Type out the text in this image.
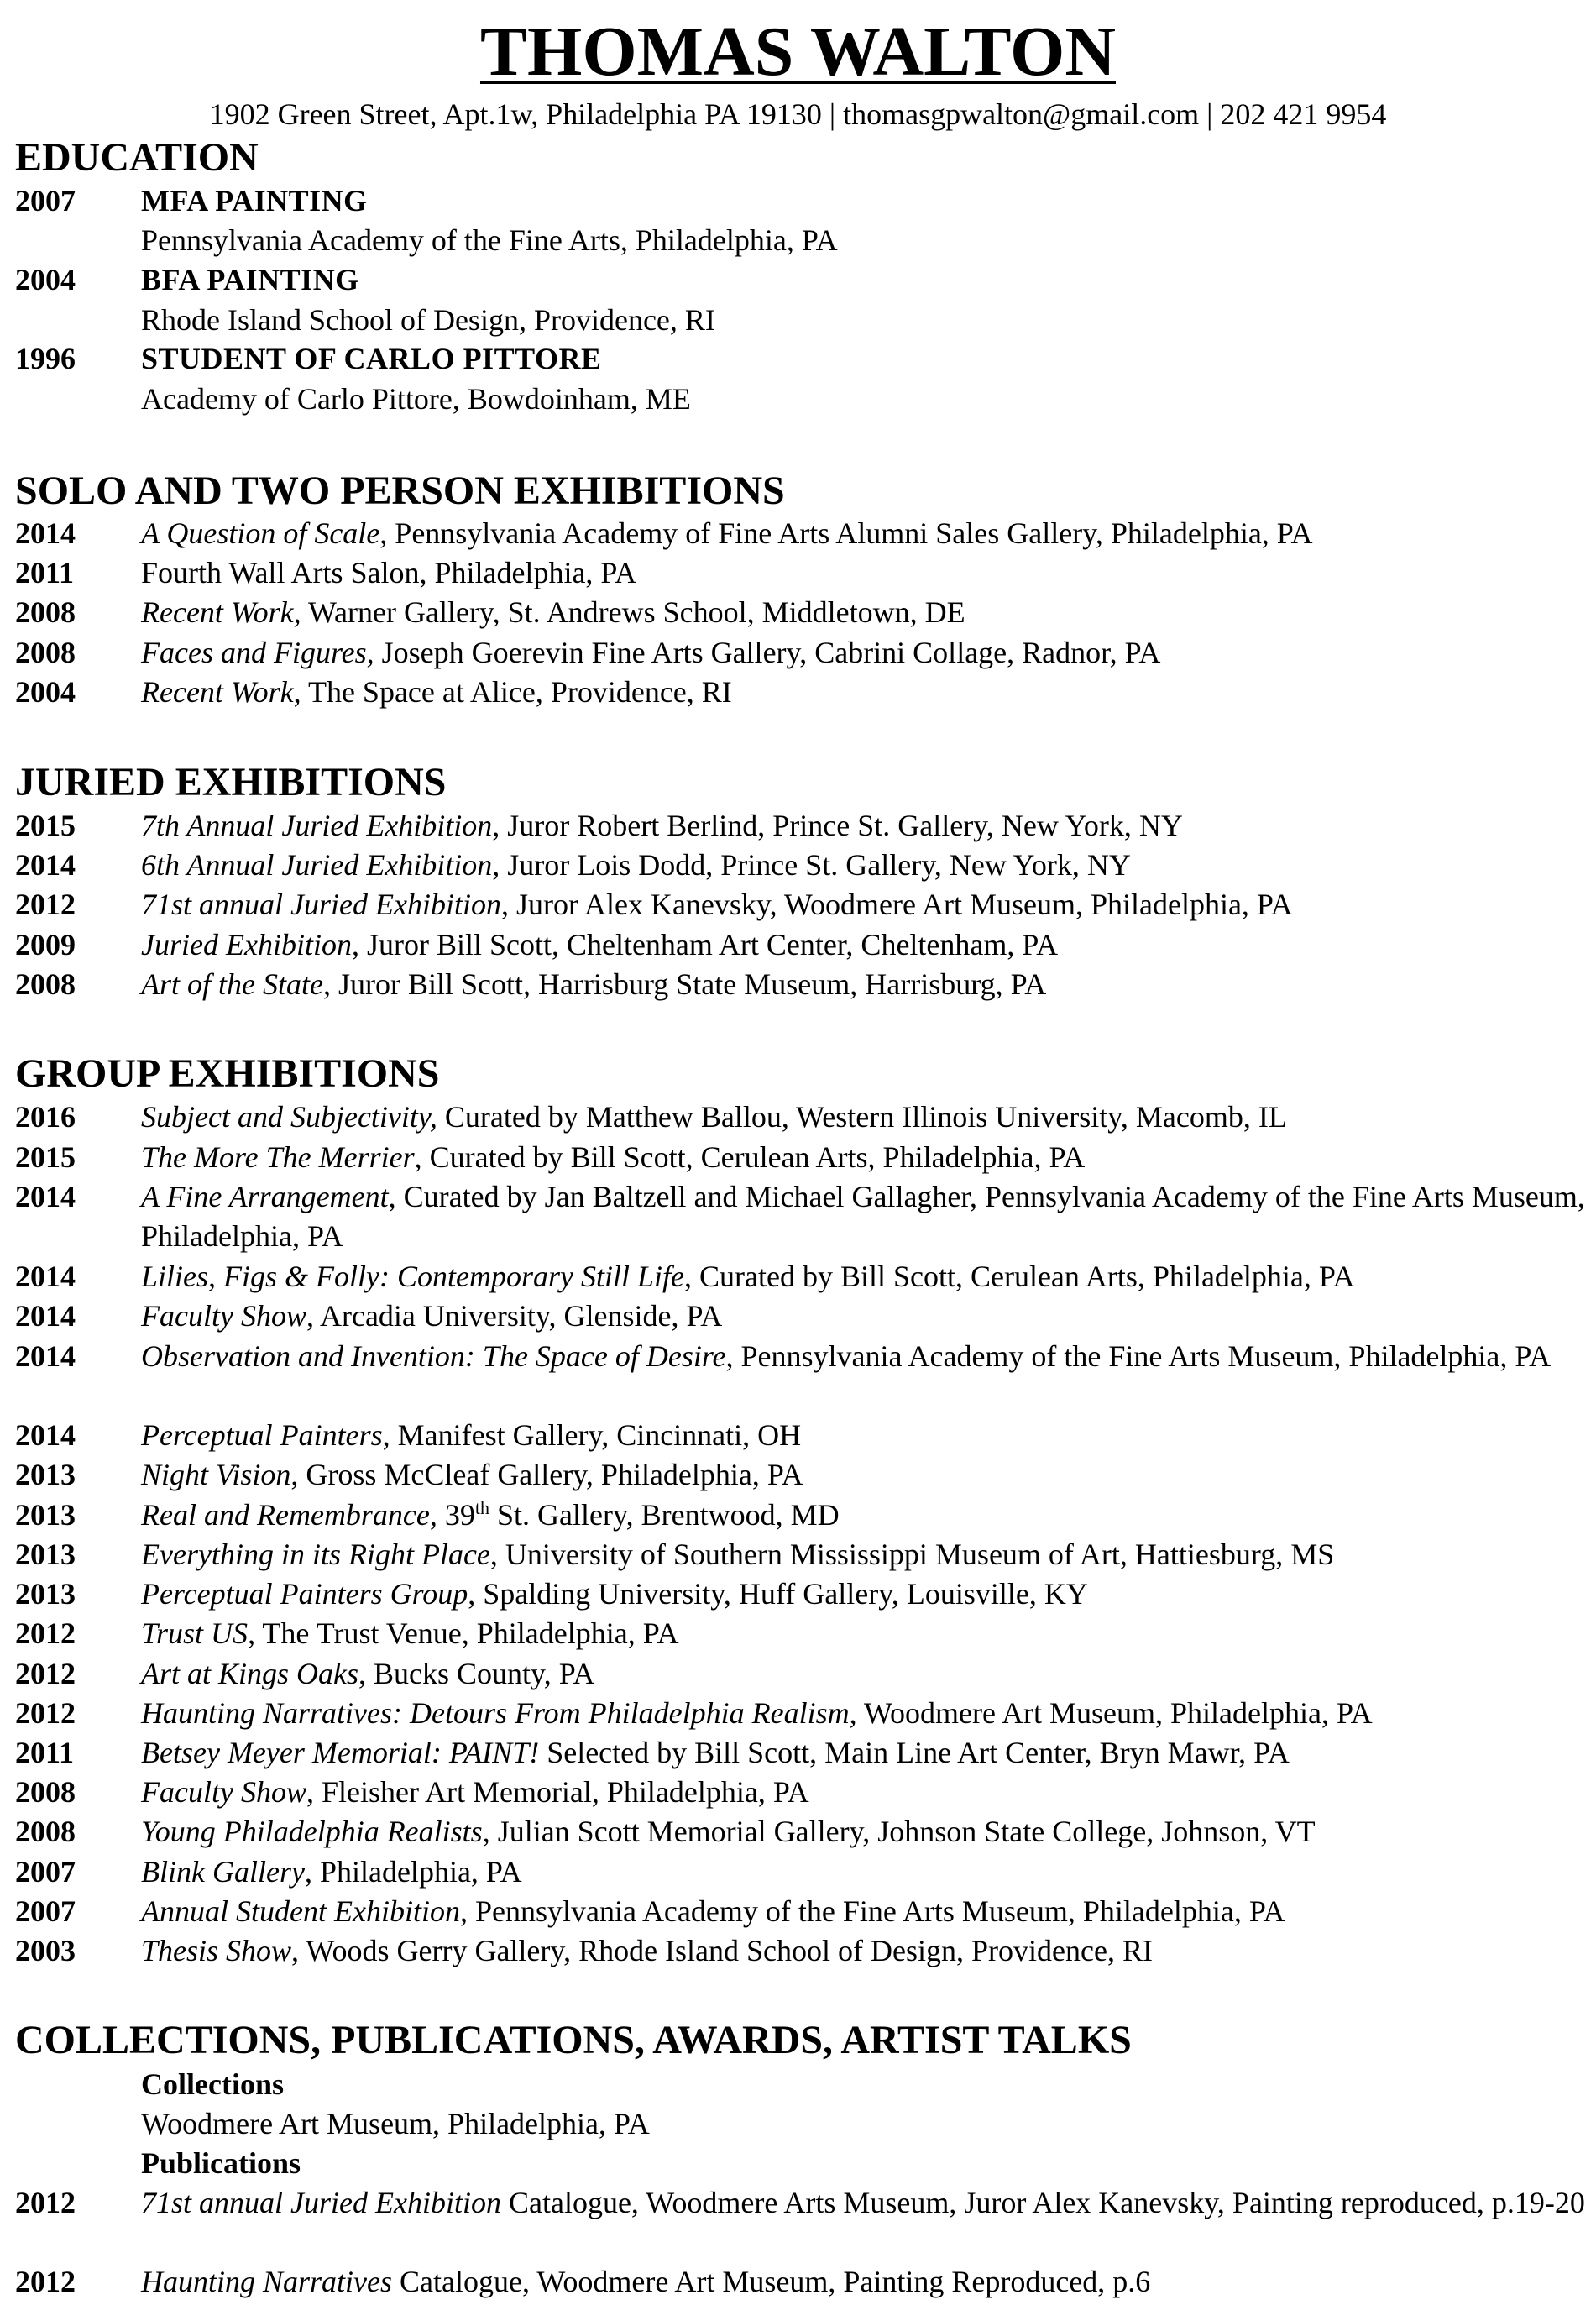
THOMAS WALTON
1902 Green Street, Apt.1w, Philadelphia PA 19130 | thomasgpwalton@gmail.com | 202 421 9954
EDUCATION
2007 MFA PAINTING
Pennsylvania Academy of the Fine Arts, Philadelphia, PA
2004 BFA PAINTING
Rhode Island School of Design, Providence, RI
1996 STUDENT OF CARLO PITTORE
Academy of Carlo Pittore, Bowdoinham, ME
SOLO AND TWO PERSON EXHIBITIONS
2014 A Question of Scale, Pennsylvania Academy of Fine Arts Alumni Sales Gallery, Philadelphia, PA
2011 Fourth Wall Arts Salon, Philadelphia, PA
2008 Recent Work, Warner Gallery, St. Andrews School, Middletown, DE
2008 Faces and Figures, Joseph Goerevin Fine Arts Gallery, Cabrini Collage, Radnor, PA
2004 Recent Work, The Space at Alice, Providence, RI
JURIED EXHIBITIONS
2015 7th Annual Juried Exhibition, Juror Robert Berlind, Prince St. Gallery, New York, NY
2014 6th Annual Juried Exhibition, Juror Lois Dodd, Prince St. Gallery, New York, NY
2012 71st annual Juried Exhibition, Juror Alex Kanevsky, Woodmere Art Museum, Philadelphia, PA
2009 Juried Exhibition, Juror Bill Scott, Cheltenham Art Center, Cheltenham, PA
2008 Art of the State, Juror Bill Scott, Harrisburg State Museum, Harrisburg, PA
GROUP EXHIBITIONS
2016 Subject and Subjectivity, Curated by Matthew Ballou, Western Illinois University, Macomb, IL
2015 The More The Merrier, Curated by Bill Scott, Cerulean Arts, Philadelphia, PA
2014 A Fine Arrangement, Curated by Jan Baltzell and Michael Gallagher, Pennsylvania Academy of the Fine Arts Museum, Philadelphia, PA
2014 Lilies, Figs & Folly: Contemporary Still Life, Curated by Bill Scott, Cerulean Arts, Philadelphia, PA
2014 Faculty Show, Arcadia University, Glenside, PA
2014 Observation and Invention: The Space of Desire, Pennsylvania Academy of the Fine Arts Museum, Philadelphia, PA
2014 Perceptual Painters, Manifest Gallery, Cincinnati, OH
2013 Night Vision, Gross McCleaf Gallery, Philadelphia, PA
2013 Real and Remembrance, 39th St. Gallery, Brentwood, MD
2013 Everything in its Right Place, University of Southern Mississippi Museum of Art, Hattiesburg, MS
2013 Perceptual Painters Group, Spalding University, Huff Gallery, Louisville, KY
2012 Trust US, The Trust Venue, Philadelphia, PA
2012 Art at Kings Oaks, Bucks County, PA
2012 Haunting Narratives: Detours From Philadelphia Realism, Woodmere Art Museum, Philadelphia, PA
2011 Betsey Meyer Memorial: PAINT! Selected by Bill Scott, Main Line Art Center, Bryn Mawr, PA
2008 Faculty Show, Fleisher Art Memorial, Philadelphia, PA
2008 Young Philadelphia Realists, Julian Scott Memorial Gallery, Johnson State College, Johnson, VT
2007 Blink Gallery, Philadelphia, PA
2007 Annual Student Exhibition, Pennsylvania Academy of the Fine Arts Museum, Philadelphia, PA
2003 Thesis Show, Woods Gerry Gallery, Rhode Island School of Design, Providence, RI
COLLECTIONS, PUBLICATIONS, AWARDS, ARTIST TALKS
Collections
Woodmere Art Museum, Philadelphia, PA
Publications
2012 71st annual Juried Exhibition Catalogue, Woodmere Arts Museum, Juror Alex Kanevsky, Painting reproduced, p.19-20
2012 Haunting Narratives Catalogue, Woodmere Art Museum, Painting Reproduced, p.6
